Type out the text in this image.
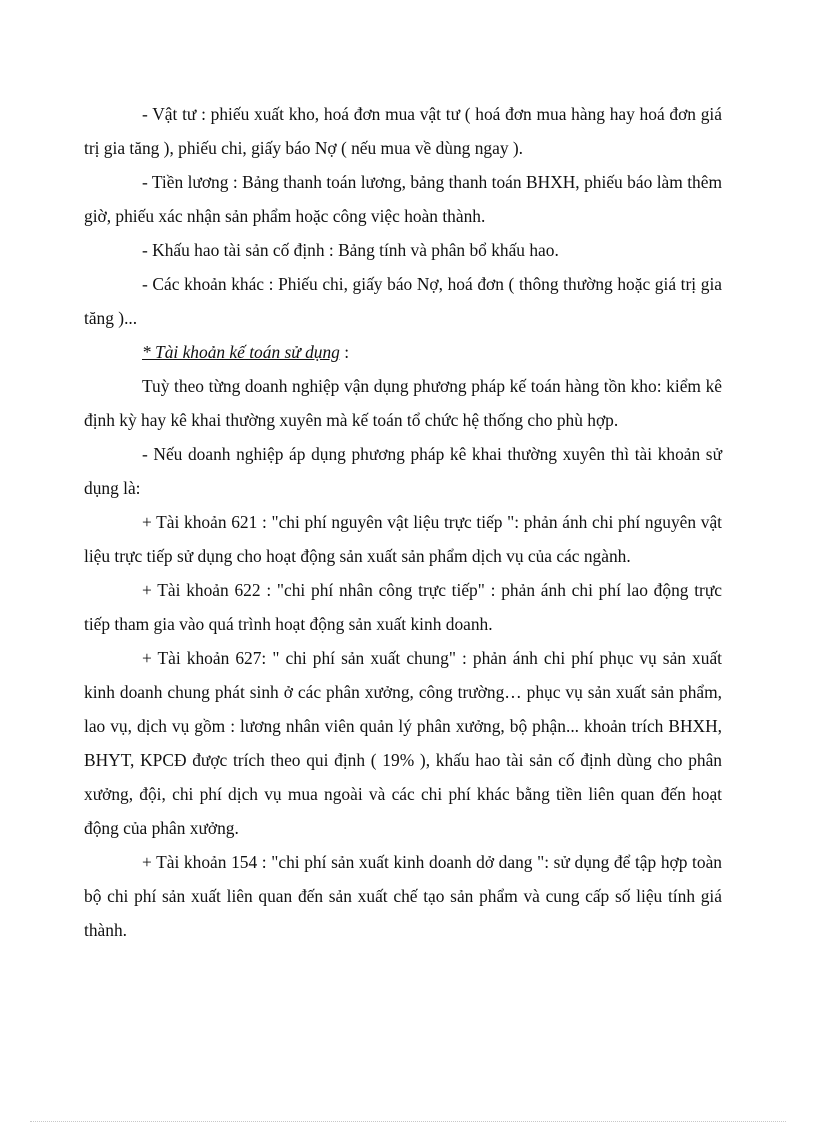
- Vật tư : phiếu xuất kho, hoá đơn mua vật tư ( hoá đơn mua hàng hay hoá đơn giá trị gia tăng ), phiếu chi, giấy báo Nợ ( nếu mua về dùng ngay ).

- Tiền lương : Bảng thanh toán lương, bảng thanh toán BHXH, phiếu báo làm thêm giờ, phiếu xác nhận sản phẩm hoặc công việc hoàn thành.

- Khấu hao tài sản cố định : Bảng tính và phân bổ khấu hao.

- Các khoản khác : Phiếu chi, giấy báo Nợ, hoá đơn ( thông thường hoặc giá trị gia tăng )...

* Tài khoản kế toán sử dụng :

Tuỳ theo từng doanh nghiệp vận dụng phương pháp kế toán hàng tồn kho: kiểm kê định kỳ hay kê khai thường xuyên mà kế toán tổ chức hệ thống cho phù hợp.

- Nếu doanh nghiệp áp dụng phương pháp kê khai thường xuyên thì tài khoản sử dụng là:

+ Tài khoản 621 : "chi phí nguyên vật liệu trực tiếp ": phản ánh chi phí nguyên vật liệu trực tiếp sử dụng cho hoạt động sản xuất sản phẩm dịch vụ của các ngành.

+ Tài khoản 622 : "chi phí nhân công trực tiếp" : phản ánh chi phí lao động trực tiếp tham gia vào quá trình hoạt động sản xuất kinh doanh.

+ Tài khoản 627: " chi phí sản xuất chung" : phản ánh chi phí phục vụ sản xuất kinh doanh chung phát sinh ở các phân xưởng, công trường… phục vụ sản xuất sản phẩm, lao vụ, dịch vụ gồm : lương nhân viên quản lý phân xưởng, bộ phận... khoản trích BHXH, BHYT, KPCĐ được trích theo qui định ( 19% ), khấu hao tài sản cố định dùng cho phân xưởng, đội, chi phí dịch vụ mua ngoài và các chi phí khác bằng tiền liên quan đến hoạt động của phân xưởng.

+ Tài khoản 154 : "chi phí sản xuất kinh doanh dở dang ": sử dụng để tập hợp toàn bộ chi phí sản xuất liên quan đến sản xuất chế tạo sản phẩm và cung cấp số liệu tính giá thành.
